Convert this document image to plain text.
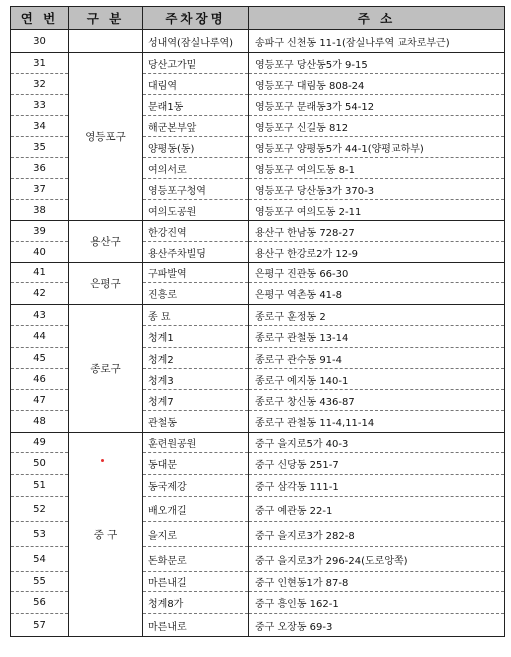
연 번	구 분	주차장명	주 소
30		성내역(잠실나루역)	송파구 신천동 11-1(잠실나루역 교차로부근)
31	영등포구	당산고가밑	영등포구 당산동5가 9-15
32		대림역	영등포구 대림동 808-24
33		문래1동	영등포구 문래동3가 54-12
34		해군본부앞	영등포구 신길동 812
35		양평동(동)	영등포구 양평동5가 44-1(양평교하부)
36		여의서로	영등포구 여의도동 8-1
37		영등포구청역	영등포구 당산동3가 370-3
38		여의도공원	영등포구 여의도동 2-11
39	용산구	한강진역	용산구 한남동 728-27
40		용산주차빌딩	용산구 한강로2가 12-9
41	은평구	구파발역	은평구 진관동 66-30
42		진흥로	은평구 역촌동 41-8
43	종로구	종 묘	종로구 훈정동 2
44		청계1	종로구 관철동 13-14
45		청계2	종로구 관수동 91-4
46		청계3	종로구 예지동 140-1
47		청계7	종로구 창신동 436-87
48		관철동	종로구 관철동 11-4,11-14
49	중 구	훈련원공원	중구 을지로5가 40-3
50		동대문	중구 신당동 251-7
51		동국제강	중구 삼각동 111-1
52		배오개길	중구 예관동 22-1
53		을지로	중구 을지로3가 282-8
54		돈화문로	중구 을지로3가 296-24(도로앙쪽)
55		마른내길	중구 인현동1가 87-8
56		청계8가	중구 흥인동 162-1
57		마른내로	중구 오장동 69-3
